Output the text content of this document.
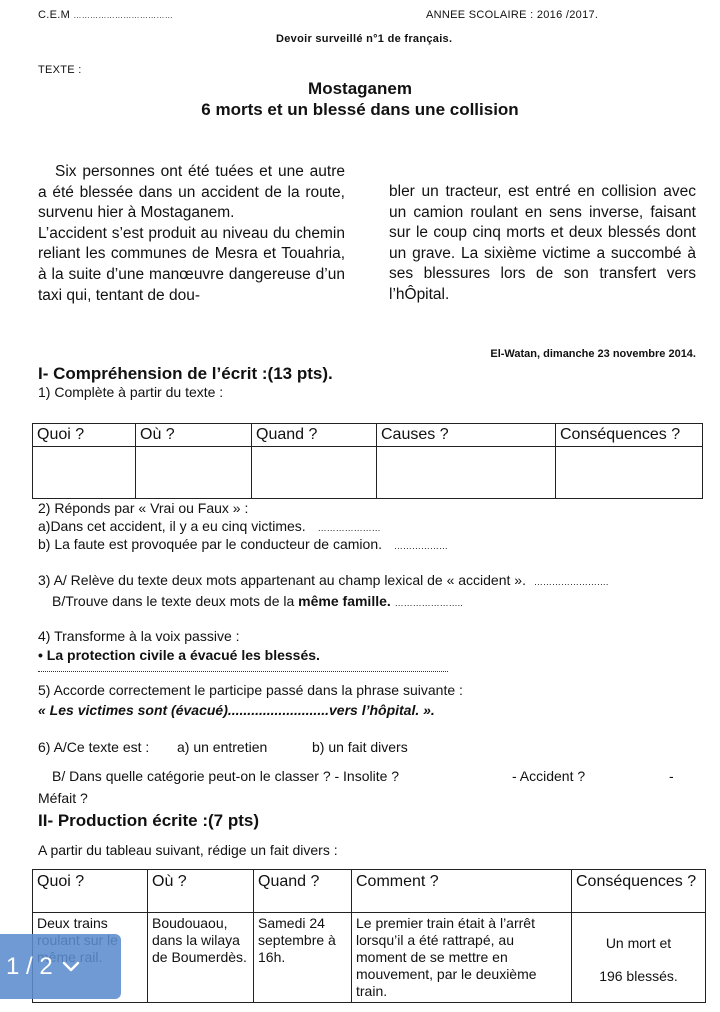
C.E.M ………………………………	ANNEE SCOLAIRE : 2016 /2017.
Devoir surveillé n°1 de français.
TEXTE :
Mostaganem
6 morts et un blessé dans une collision

Six personnes ont été tuées et une autre a été blessée dans un accident de la route, survenu hier à Mostaganem.

L’accident s’est produit au niveau du chemin reliant les communes de Mesra et Touahria, à la suite d’une manœuvre dangereuse d’un taxi qui, tentant de dou-

bler un tracteur, est entré en collision avec un camion roulant en sens inverse, faisant sur le coup cinq morts et deux blessés dont un grave. La sixième victime a succombé à ses blessures lors de son transfert vers l’hÔpital.

El-Watan, dimanche 23 novembre 2014.
I- Compréhension de l’écrit :(13 pts).
1) Complète à partir du texte :
Quoi ?	Où ?	Quand ?	Causes ?	Conséquences ?

2) Réponds par « Vrai ou Faux » :
a)Dans cet accident, il y a eu cinq victimes. …………………
b) La faute est provoquée par le conducteur de camion. ………………
3) A/ Relève du texte deux mots appartenant au champ lexical de « accident ». …………………….
B/Trouve dans le texte deux mots de la même famille. …………………..
4) Transforme à la voix passive :
• La protection civile a évacué les blessés.
5) Accorde correctement le participe passé dans la phrase suivante :
« Les victimes sont (évacué)..........................vers l’hôpital. ».
6) A/Ce texte est : a) un entretien	b) un fait divers
B/ Dans quelle catégorie peut-on le classer ? - Insolite ?	- Accident ?	-
Méfait ?
II- Production écrite :(7 pts)
A partir du tableau suivant, rédige un fait divers :
Quoi ?	Où ?	Quand ?	Comment ?	Conséquences ?
Deux trains	Boudouaou, dans la wilaya de Boumerdès.	Samedi 24 septembre à 16h.	Le premier train était à l’arrêt lorsqu’il a été rattrapé, au moment de se mettre en mouvement, par le deuxième train.	Un mort et
196 blessés.
1 / 2
